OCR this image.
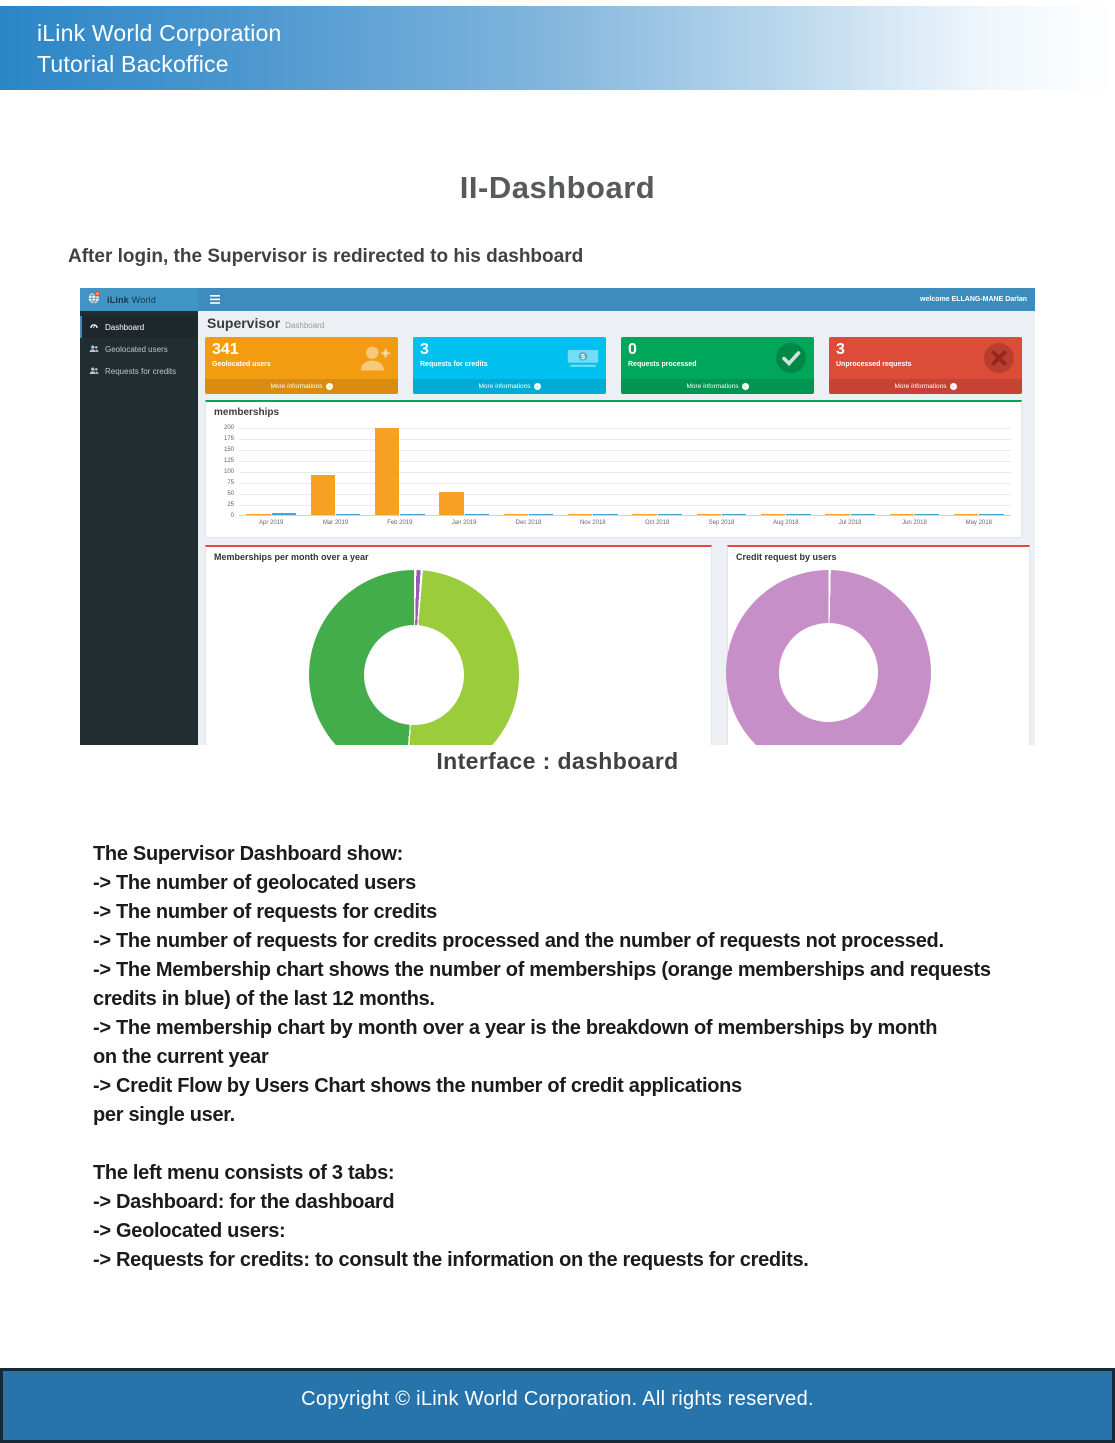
iLink World Corporation
Tutorial Backoffice
II-Dashboard

After login, the Supervisor is redirected to his dashboard

iLink World	welcome ELLANG-MANE Darlan
Dashboard
Geolocated users
Requests for credits
Supervisor Dashboard
341
Geolocated users
More informations →
3
Requests for credits
$
More informations →
0
Requests processed
More informations →
3
Unprocessed requests
More informations →
memberships
200
175
150
125
100
75
50
25
0
Apr 2019	Mar 2019	Feb 2019	Jan 2019	Dec 2018	Nov 2018	Oct 2018	Sep 2018	Aug 2018	Jul 2018	Jun 2018	May 2018
Memberships per month over a year	Credit request by users
Interface : dashboard
The Supervisor Dashboard show:
-> The number of geolocated users
-> The number of requests for credits
-> The number of requests for credits processed and the number of requests not processed.
-> The Membership chart shows the number of memberships (orange memberships and requests
credits in blue) of the last 12 months.
-> The membership chart by month over a year is the breakdown of memberships by month
on the current year
-> Credit Flow by Users Chart shows the number of credit applications
per single user.

The left menu consists of 3 tabs:
-> Dashboard: for the dashboard
-> Geolocated users:
-> Requests for credits: to consult the information on the requests for credits.
Copyright © iLink World Corporation. All rights reserved.
